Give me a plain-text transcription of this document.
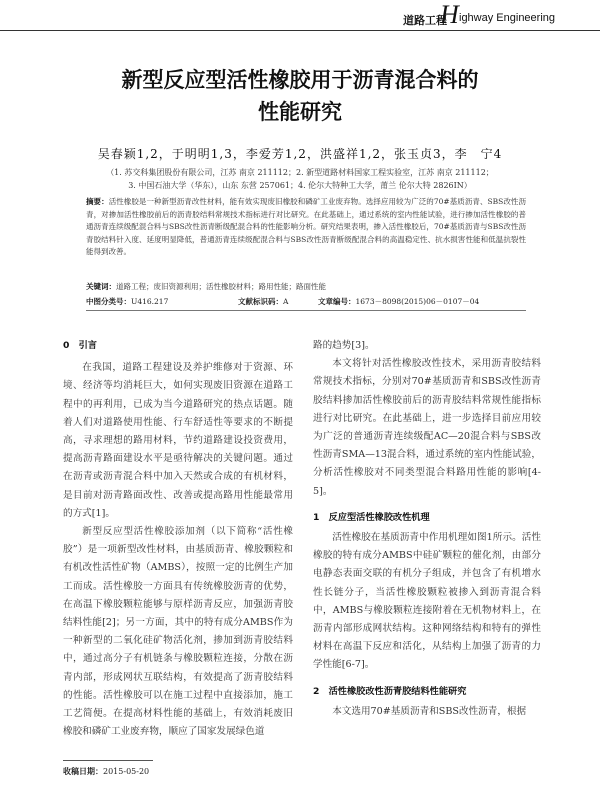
道路工程
H ighway Engineering
新型反应型活性橡胶用于沥青混合料的
性能研究
吴春颖1,2，于明明1,3，李爱芳1,2，洪盛祥1,2，张玉贞3，李　宁4
（1. 苏交科集团股份有限公司，江苏 南京 211112；2. 新型道路材料国家工程实验室，江苏 南京 211112；
3. 中国石油大学（华东），山东 东营 257061；4. 伦尔大特种工大学，莆兰 伦尔大特 2826IN）
摘要：活性橡胶是一种新型沥青改性材料，能有效实现废旧橡胶和磷矿工业废弃物。选择应用较为广泛的70#基质沥青、SBS改性沥青，对掺加活性橡胶前后的沥青胶结料常规技术指标进行对比研究。在此基础上，通过系统的室内性能试验，进行掺加活性橡胶的普通沥青连续级配混合料与SBS改性沥青断级配混合料的性能影响分析。研究结果表明，掺入活性橡胶后，70#基质沥青与SBS改性沥青胶结料针入度、延度明显降低，普通沥青连续级配混合料与SBS改性沥青断级配混合料的高温稳定性、抗水损害性能和低温抗裂性能得到改善。
关键词：道路工程；废旧资源利用；活性橡胶材料；路用性能；路面性能
中图分类号：U416.217	文献标识码：A	文章编号：1673－8098(2015)06－0107－04

0　引言

在我国，道路工程建设及养护维修对于资源、环境、经济等均消耗巨大，如何实现废旧资源在道路工程中的再利用，已成为当今道路研究的热点话题。随着人们对道路使用性能、行车舒适性等要求的不断提高，寻求理想的路用材料，节约道路建设投资费用，提高沥青路面建设水平是亟待解决的关键问题。通过在沥青或沥青混合料中加入天然或合成的有机材料，是目前对沥青路面改性、改善或提高路用性能最常用的方式[1]。

新型反应型活性橡胶添加剂（以下简称“活性橡胶”）是一项新型改性材料，由基质沥青、橡胶颗粒和有机改性活性矿物（AMBS），按照一定的比例生产加工而成。活性橡胶一方面具有传统橡胶沥青的优势，在高温下橡胶颗粒能够与原样沥青反应，加强沥青胶结料性能[2]；另一方面，其中的特有成分AMBS作为一种新型的二氧化硅矿物活化剂，掺加到沥青胶结料中，通过高分子有机链条与橡胶颗粒连接，分散在沥青内部，形成网状互联结构，有效提高了沥青胶结料的性能。活性橡胶可以在施工过程中直接添加，施工工艺简便。在提高材料性能的基础上，有效消耗废旧橡胶和磷矿工业废弃物，顺应了国家发展绿色道

路的趋势[3]。

本文将针对活性橡胶改性技术，采用沥青胶结料常规技术指标，分别对70#基质沥青和SBS改性沥青胶结料掺加活性橡胶前后的沥青胶结料常规性能指标进行对比研究。在此基础上，进一步选择目前应用较为广泛的普通沥青连续级配AC—20混合料与SBS改性沥青SMA—13混合料，通过系统的室内性能试验，分析活性橡胶对不同类型混合料路用性能的影响[4-5]。

1　反应型活性橡胶改性机理

活性橡胶在基质沥青中作用机理如图1所示。活性橡胶的特有成分AMBS中硅矿颗粒的催化剂，由部分电静态表面交联的有机分子组成，并包含了有机增水性长链分子，当活性橡胶颗粒被掺入到沥青混合料中，AMBS与橡胶颗粒连接附着在无机物材料上，在沥青内部形成网状结构。这种网络结构和特有的弹性材料在高温下反应和活化，从结构上加强了沥青的力学性能[6-7]。

2　活性橡胶改性沥青胶结料性能研究

本文选用70#基质沥青和SBS改性沥青，根据

收稿日期：2015-05-20
